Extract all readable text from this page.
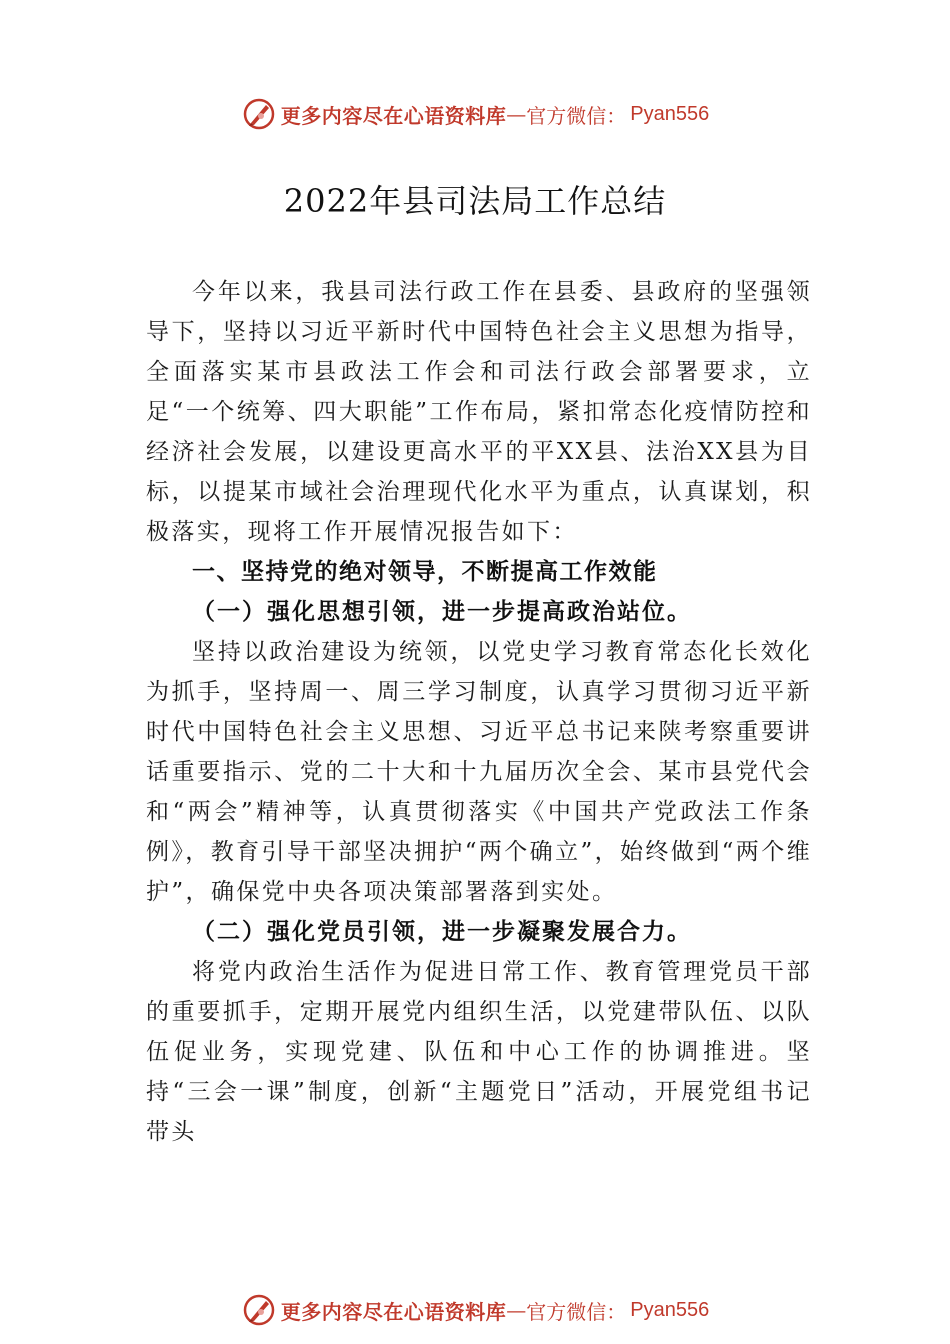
更多内容尽在心语资料库 — 官方微信： Pyan556
2022年县司法局工作总结

今年以来，我县司法行政工作在县委、县政府的坚强领导下，坚持以习近平新时代中国特色社会主义思想为指导， 全面落实某市县政法工作会和司法行政会部署要求，立足“一个统筹、四大职能”工作布局，紧扣常态化疫情防控和经济社会发展，以建设更高水平的平XX县、法治XX县为目标，以提某市域社会治理现代化水平为重点，认真谋划，积极落实，现将工作开展情况报告如下：

一、坚持党的绝对领导，不断提高工作效能

（一）强化思想引领，进一步提高政治站位。

坚持以政治建设为统领，以党史学习教育常态化长效化为抓手，坚持周一、周三学习制度，认真学习贯彻习近平新时代中国特色社会主义思想、习近平总书记来陕考察重要讲话重要指示、党的二十大和十九届历次全会、某市县党代会和“两会”精神等，认真贯彻落实《中国共产党政法工作条例》，教育引导干部坚决拥护“两个确立”，始终做到“两个维护”，确保党中央各项决策部署落到实处。

（二）强化党员引领，进一步凝聚发展合力。

将党内政治生活作为促进日常工作、教育管理党员干部的重要抓手，定期开展党内组织生活，以党建带队伍、以队伍促业务，实现党建、队伍和中心工作的协调推进。坚持“三会一课”制度，创新“主题党日”活动，开展党组书记带头

更多内容尽在心语资料库 — 官方微信： Pyan556
